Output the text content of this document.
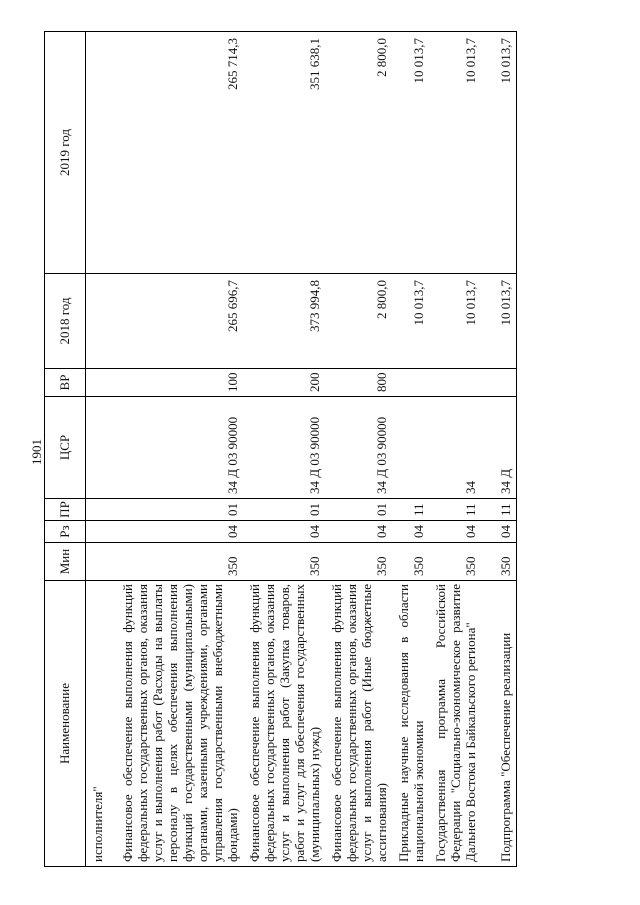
1901
Наименование	Мин	Рз	ПР	ЦСР	ВР	2018 год	2019 год
исполнителя"							
Финансовое обеспечение выполнения функций федеральных государственных органов, оказания услуг и выполнения работ (Расходы на выплаты персоналу в целях обеспечения выполнения функций государственными (муниципальными) органами, казенными учреждениями, органами управления государственными внебюджетными фондами)	350	04	01	34 Д 03 90000	100	265 696,7	265 714,3
Финансовое обеспечение выполнения функций федеральных государственных органов, оказания услуг и выполнения работ (Закупка товаров, работ и услуг для обеспечения государственных (муниципальных) нужд)	350	04	01	34 Д 03 90000	200	373 994,8	351 638,1
Финансовое обеспечение выполнения функций федеральных государственных органов, оказания услуг и выполнения работ (Иные бюджетные ассигнования)	350	04	01	34 Д 03 90000	800	2 800,0	2 800,0
Прикладные научные исследования в области национальной экономики	350	04	11			10 013,7	10 013,7
Государственная программа Российской Федерации "Социально-экономическое развитие Дальнего Востока и Байкальского региона"	350	04	11	34		10 013,7	10 013,7
Подпрограмма "Обеспечение реализации	350	04	11	34 Д		10 013,7	10 013,7
